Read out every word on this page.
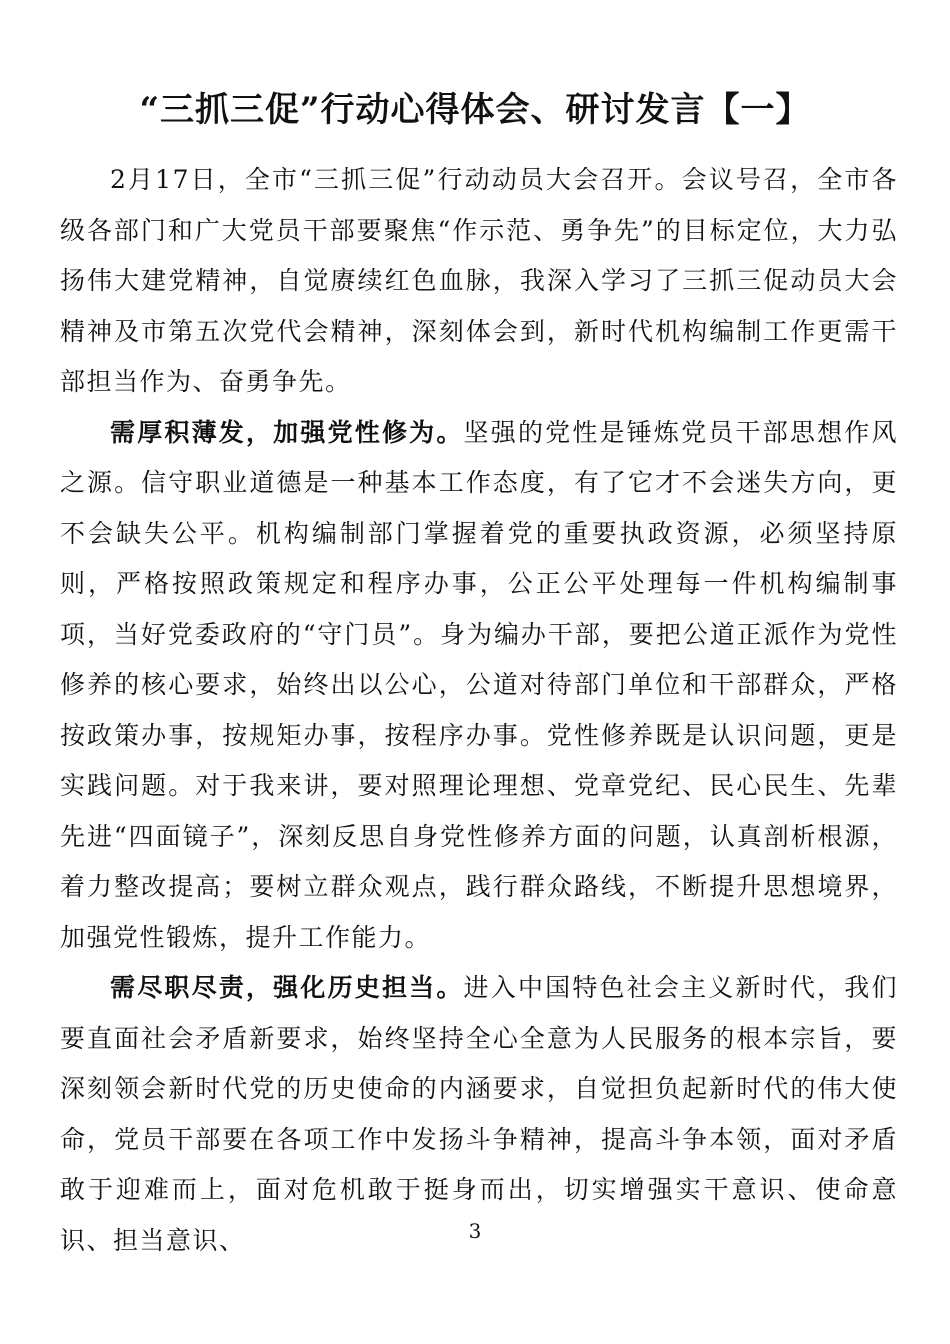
“三抓三促”行动心得体会、研讨发言【一】

2月17日，全市“三抓三促”行动动员大会召开。会议号召，全市各级各部门和广大党员干部要聚焦“作示范、勇争先”的目标定位，大力弘扬伟大建党精神，自觉赓续红色血脉，我深入学习了三抓三促动员大会精神及市第五次党代会精神，深刻体会到，新时代机构编制工作更需干部担当作为、奋勇争先。

需厚积薄发，加强党性修为。坚强的党性是锤炼党员干部思想作风之源。信守职业道德是一种基本工作态度，有了它才不会迷失方向，更不会缺失公平。机构编制部门掌握着党的重要执政资源，必须坚持原则，严格按照政策规定和程序办事，公正公平处理每一件机构编制事项，当好党委政府的“守门员”。身为编办干部，要把公道正派作为党性修养的核心要求，始终出以公心，公道对待部门单位和干部群众，严格按政策办事，按规矩办事，按程序办事。党性修养既是认识问题，更是实践问题。对于我来讲，要对照理论理想、党章党纪、民心民生、先辈先进“四面镜子”，深刻反思自身党性修养方面的问题，认真剖析根源，着力整改提高；要树立群众观点，践行群众路线，不断提升思想境界，加强党性锻炼，提升工作能力。

需尽职尽责，强化历史担当。进入中国特色社会主义新时代，我们要直面社会矛盾新要求，始终坚持全心全意为人民服务的根本宗旨，要深刻领会新时代党的历史使命的内涵要求，自觉担负起新时代的伟大使命，党员干部要在各项工作中发扬斗争精神，提高斗争本领，面对矛盾敢于迎难而上，面对危机敢于挺身而出，切实增强实干意识、使命意识、担当意识、	3
